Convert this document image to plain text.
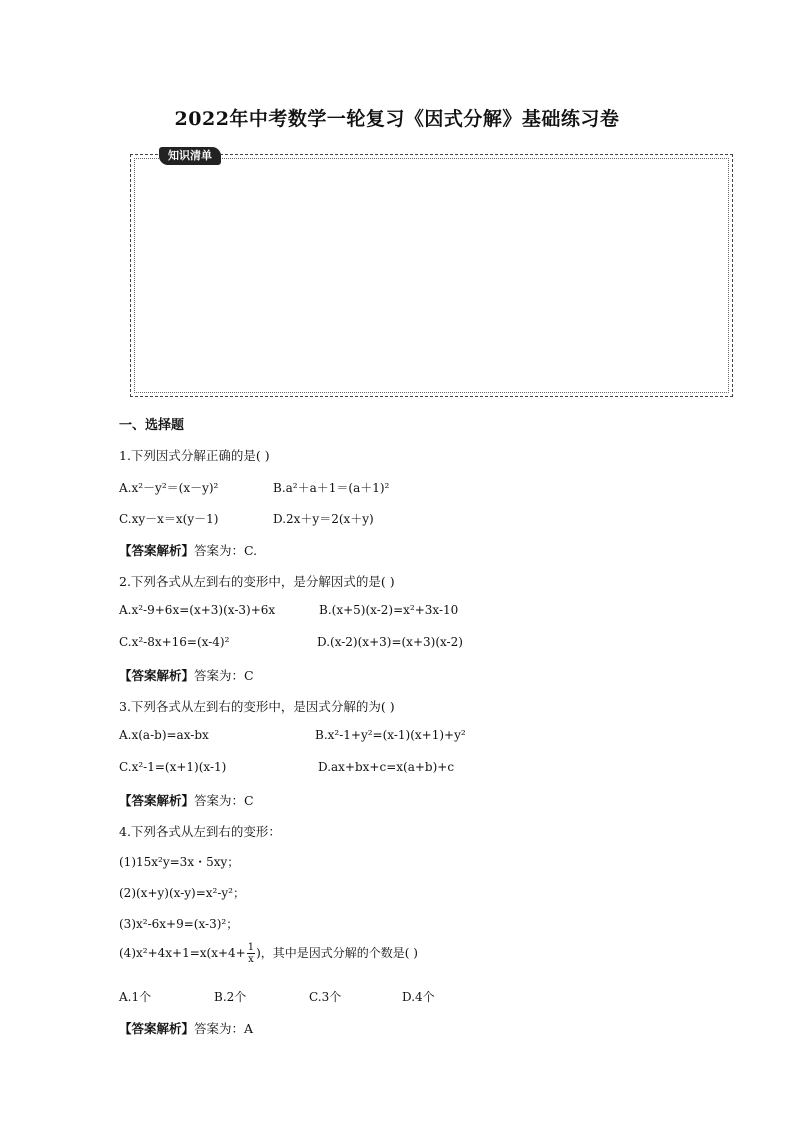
2022年中考数学一轮复习《因式分解》基础练习卷
知识清单
一、选择题
1.下列因式分解正确的是( )
A.x²－y²＝(x－y)²	B.a²＋a＋1＝(a＋1)²
C.xy－x＝x(y－1)	D.2x＋y＝2(x＋y)
【答案解析】答案为：C.
2.下列各式从左到右的变形中，是分解因式的是( )
A.x²-9+6x=(x+3)(x-3)+6x	B.(x+5)(x-2)=x²+3x-10
C.x²-8x+16=(x-4)²	D.(x-2)(x+3)=(x+3)(x-2)
【答案解析】答案为：C
3.下列各式从左到右的变形中，是因式分解的为( )
A.x(a-b)=ax-bx	B.x²-1+y²=(x-1)(x+1)+y²
C.x²-1=(x+1)(x-1)	D.ax+bx+c=x(a+b)+c
【答案解析】答案为：C
4.下列各式从左到右的变形：
(1)15x²y=3x・5xy；
(2)(x+y)(x-y)=x²-y²；
(3)x²-6x+9=(x-3)²；
$(4)x^2+4x+1=x(x+4+ \frac{1}{x}$ )，其中是因式分解的个数是( )
A.1个	B.2个	C.3个	D.4个
【答案解析】答案为：A
